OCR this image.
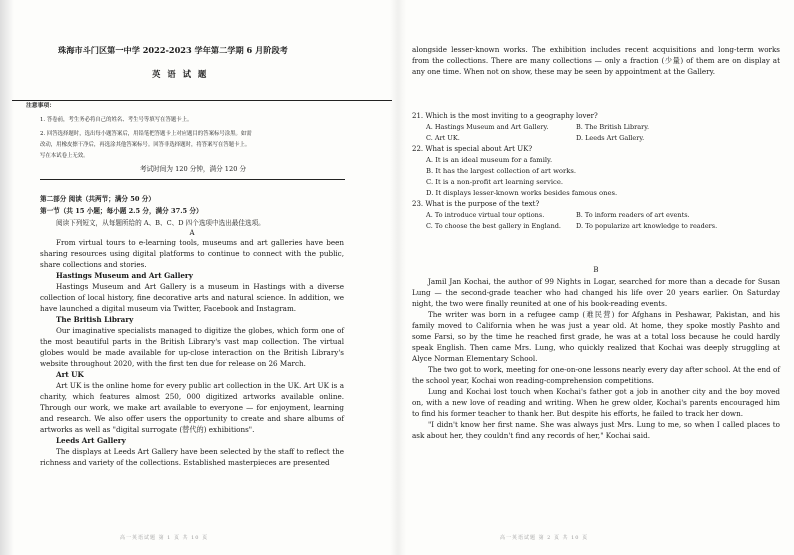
珠海市斗门区第一中学 2022-2023 学年第二学期 6 月阶段考
英 语 试 题
注意事项：
1. 答卷前，考生务必将自己的姓名、考生号等填写在答题卡上。
2. 回答选择题时，选出每小题答案后，用铅笔把答题卡上对应题目的答案标号涂黑。如需
改动，用橡皮擦干净后，再选涂其他答案标号。回答非选择题时，将答案写在答题卡上。
写在本试卷上无效。
考试时间为 120 分钟，满分 120 分
第二部分 阅读（共两节；满分 50 分）
第一节（共 15 小题；每小题 2.5 分，满分 37.5 分）
阅读下列短文，从每题所给的 A、B、C、D 四个选项中选出最佳选项。
A

From virtual tours to e-learning tools, museums and art galleries have been sharing resources using digital platforms to continue to connect with the public, share collections and stories.

Hastings Museum and Art Gallery

Hastings Museum and Art Gallery is a museum in Hastings with a diverse collection of local history, fine decorative arts and natural science. In addition, we have launched a digital museum via Twitter, Facebook and Instagram.

The British Library

Our imaginative specialists managed to digitize the globes, which form one of the most beautiful parts in the British Library's vast map collection. The virtual globes would be made available for up-close interaction on the British Library's website throughout 2020, with the first ten due for release on 26 March.

Art UK

Art UK is the online home for every public art collection in the UK. Art UK is a charity, which features almost 250, 000 digitized artworks available online. Through our work, we make art available to everyone — for enjoyment, learning and research. We also offer users the opportunity to create and share albums of artworks as well as "digital surrogate (替代的) exhibitions".

Leeds Art Gallery

The displays at Leeds Art Gallery have been selected by the staff to reflect the richness and variety of the collections. Established masterpieces are presented

高一英语试题 第 1 页 共 10 页

alongside lesser-known works. The exhibition includes recent acquisitions and long-term works from the collections. There are many collections — only a fraction (少量) of them are on display at any one time. When not on show, these may be seen by appointment at the Gallery.

21. Which is the most inviting to a geography lover?
A. Hastings Museum and Art Gallery.	B. The British Library.
C. Art UK.	D. Leeds Art Gallery.
22. What is special about Art UK?
A. It is an ideal museum for a family.
B. It has the largest collection of art works.
C. It is a non-profit art learning service.
D. It displays lesser-known works besides famous ones.
23. What is the purpose of the text?
A. To introduce virtual tour options.	B. To inform readers of art events.
C. To choose the best gallery in England.	D. To popularize art knowledge to readers.
B

Jamil Jan Kochai, the author of 99 Nights in Logar, searched for more than a decade for Susan Lung — the second-grade teacher who had changed his life over 20 years earlier. On Saturday night, the two were finally reunited at one of his book-reading events.

The writer was born in a refugee camp (难民营) for Afghans in Peshawar, Pakistan, and his family moved to California when he was just a year old. At home, they spoke mostly Pashto and some Farsi, so by the time he reached first grade, he was at a total loss because he could hardly speak English. Then came Mrs. Lung, who quickly realized that Kochai was deeply struggling at Alyce Norman Elementary School.

The two got to work, meeting for one-on-one lessons nearly every day after school. At the end of the school year, Kochai won reading-comprehension competitions.

Lung and Kochai lost touch when Kochai's father got a job in another city and the boy moved on, with a new love of reading and writing. When he grew older, Kochai's parents encouraged him to find his former teacher to thank her. But despite his efforts, he failed to track her down.

"I didn't know her first name. She was always just Mrs. Lung to me, so when I called places to ask about her, they couldn't find any records of her," Kochai said.

高一英语试题 第 2 页 共 10 页
